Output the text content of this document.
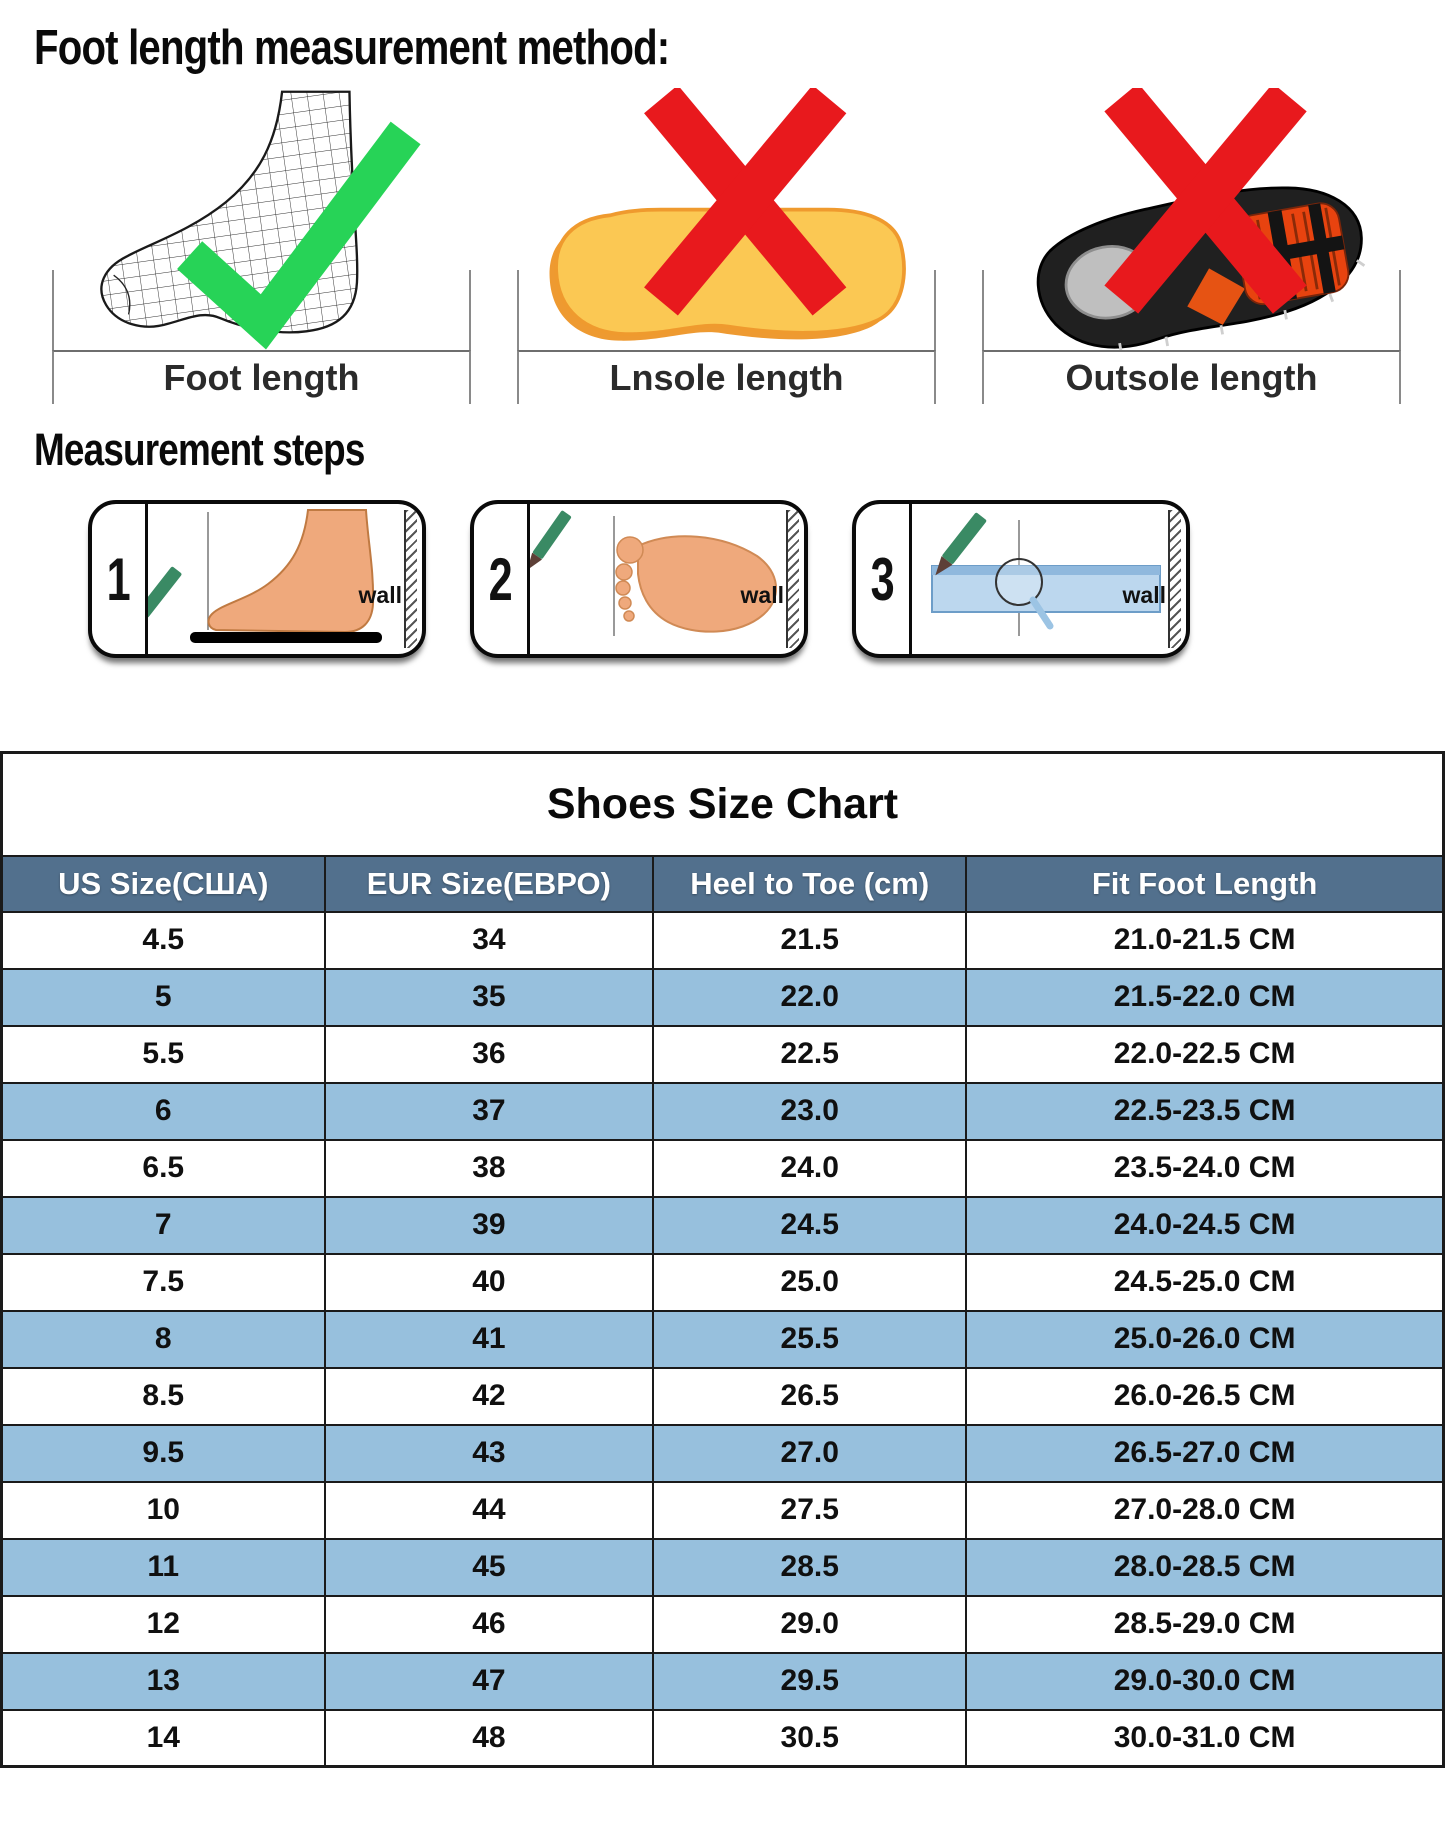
Foot length measurement method:
Foot length	Lnsole length	Outsole length
Measurement steps
1	wall 2	wall 3	wall
Shoes Size Chart			
US Size(США)	EUR Size(ЕВРО)	Heel to Toe (cm)	Fit Foot Length
4.5	34	21.5	21.0-21.5 CM
5	35	22.0	21.5-22.0 CM
5.5	36	22.5	22.0-22.5 CM
6	37	23.0	22.5-23.5 CM
6.5	38	24.0	23.5-24.0 CM
7	39	24.5	24.0-24.5 CM
7.5	40	25.0	24.5-25.0 CM
8	41	25.5	25.0-26.0 CM
8.5	42	26.5	26.0-26.5 CM
9.5	43	27.0	26.5-27.0 CM
10	44	27.5	27.0-28.0 CM
11	45	28.5	28.0-28.5 CM
12	46	29.0	28.5-29.0 CM
13	47	29.5	29.0-30.0 CM
14	48	30.5	30.0-31.0 CM
